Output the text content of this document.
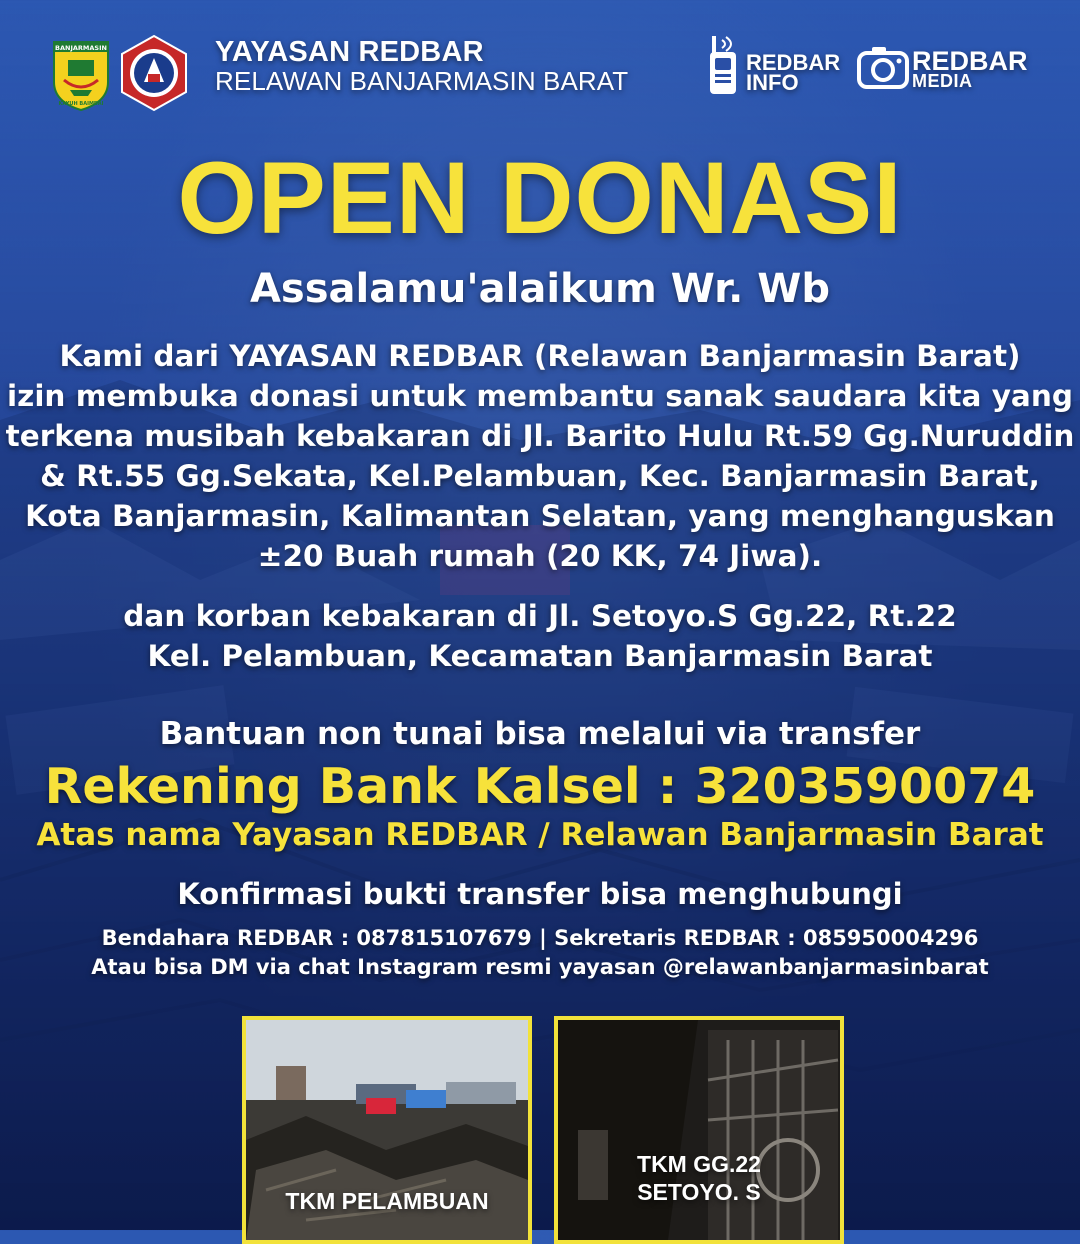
BANJARMASIN
KAYUH BAIMBAI
YAYASAN REDBAR
RELAWAN BANJARMASIN BARAT
REDBAR
INFO
REDBAR
MEDIA
OPEN DONASI
Assalamu'alaikum Wr. Wb
Kami dari YAYASAN REDBAR (Relawan Banjarmasin Barat)
izin membuka donasi untuk membantu sanak saudara kita yang
terkena musibah kebakaran di Jl. Barito Hulu Rt.59 Gg.Nuruddin
& Rt.55 Gg.Sekata, Kel.Pelambuan, Kec. Banjarmasin Barat,
Kota Banjarmasin, Kalimantan Selatan, yang menghanguskan
±20 Buah rumah (20 KK, 74 Jiwa).
dan korban kebakaran di Jl. Setoyo.S Gg.22, Rt.22
Kel. Pelambuan, Kecamatan Banjarmasin Barat
Bantuan non tunai bisa melalui via transfer
Rekening Bank Kalsel : 3203590074
Atas nama Yayasan REDBAR / Relawan Banjarmasin Barat
Konfirmasi bukti transfer bisa menghubungi
Bendahara REDBAR : 087815107679 | Sekretaris REDBAR : 085950004296
Atau bisa DM via chat Instagram resmi yayasan @relawanbanjarmasinbarat
TKM PELAMBUAN
TKM GG.22
SETOYO. S
